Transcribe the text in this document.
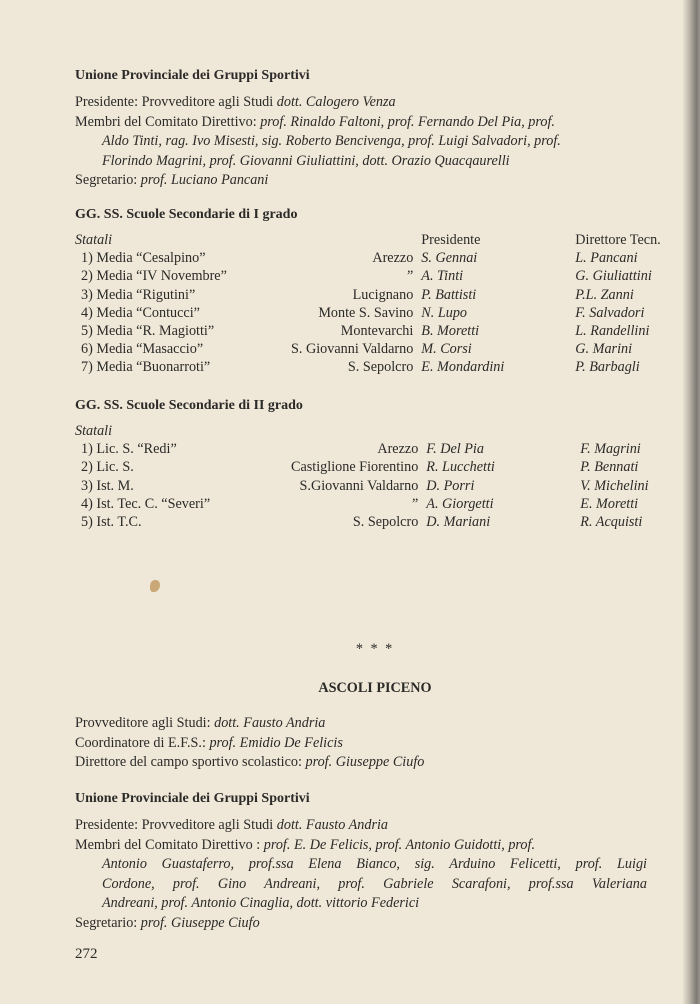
Unione Provinciale dei Gruppi Sportivi
Presidente: Provveditore agli Studi dott. Calogero Venza
Membri del Comitato Direttivo: prof. Rinaldo Faltoni, prof. Fernando Del Pia, prof.
Aldo Tinti, rag. Ivo Misesti, sig. Roberto Bencivenga, prof. Luigi Salvadori, prof.
Florindo Magrini, prof. Giovanni Giuliattini, dott. Orazio Quacqaurelli
Segretario: prof. Luciano Pancani
GG. SS. Scuole Secondarie di I grado
Statali		Presidente	Direttore Tecn.
1) Media “Cesalpino”	Arezzo	S. Gennai	L. Pancani
2) Media “IV Novembre”	”	A. Tinti	G. Giuliattini
3) Media “Rigutini”	Lucignano	P. Battisti	P.L. Zanni
4) Media “Contucci”	Monte S. Savino	N. Lupo	F. Salvadori
5) Media “R. Magiotti”	Montevarchi	B. Moretti	L. Randellini
6) Media “Masaccio”	S. Giovanni Valdarno	M. Corsi	G. Marini
7) Media “Buonarroti”	S. Sepolcro	E. Mondardini	P. Barbagli
GG. SS. Scuole Secondarie di II grado
Statali			
1) Lic. S. “Redi”	Arezzo	F. Del Pia	F. Magrini
2) Lic. S.	Castiglione Fiorentino	R. Lucchetti	P. Bennati
3) Ist. M.	S.Giovanni Valdarno	D. Porri	V. Michelini
4) Ist. Tec. C. “Severi”	”	A. Giorgetti	E. Moretti
5) Ist. T.C.	S. Sepolcro	D. Mariani	R. Acquisti
* * *
ASCOLI PICENO
Provveditore agli Studi: dott. Fausto Andria
Coordinatore di E.F.S.: prof. Emidio De Felicis
Direttore del campo sportivo scolastico: prof. Giuseppe Ciufo
Unione Provinciale dei Gruppi Sportivi
Presidente: Provveditore agli Studi dott. Fausto Andria
Membri del Comitato Direttivo : prof. E. De Felicis, prof. Antonio Guidotti, prof.
Antonio Guastaferro, prof.ssa Elena Bianco, sig. Arduino Felicetti, prof. Luigi
Cordone, prof. Gino Andreani, prof. Gabriele Scarafoni, prof.ssa Valeriana
Andreani, prof. Antonio Cinaglia, dott. vittorio Federici
Segretario: prof. Giuseppe Ciufo
272
